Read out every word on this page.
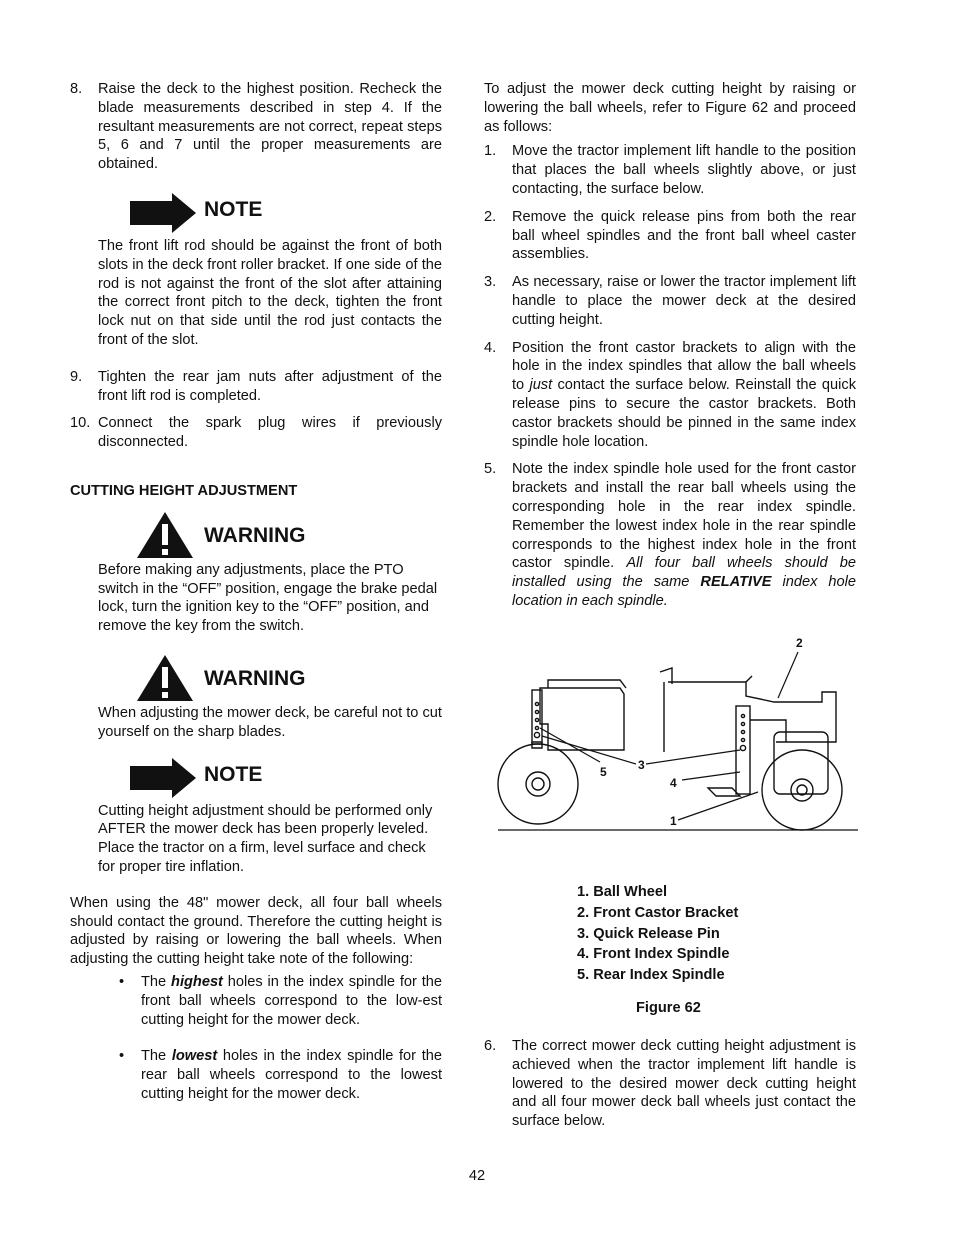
8. Raise the deck to the highest position. Recheck the blade measurements described in step 4. If the resultant measurements are not correct, repeat steps 5, 6 and 7 until the proper measurements are obtained.

NOTE

The front lift rod should be against the front of both slots in the deck front roller bracket. If one side of the rod is not against the front of the slot after attaining the correct front pitch to the deck, tighten the front lock nut on that side until the rod just contacts the front of the slot.

9. Tighten the rear jam nuts after adjustment of the front lift rod is completed.

10. Connect the spark plug wires if previously disconnected.

CUTTING HEIGHT ADJUSTMENT

WARNING

Before making any adjustments, place the PTO switch in the “OFF” position, engage the brake pedal lock, turn the ignition key to the “OFF” position, and remove the key from the switch.

WARNING

When adjusting the mower deck, be careful not to cut yourself on the sharp blades.

NOTE

Cutting height adjustment should be performed only AFTER the mower deck has been properly leveled. Place the tractor on a firm, level surface and check for proper tire inflation.

When using the 48" mower deck, all four ball wheels should contact the ground. Therefore the cutting height is adjusted by raising or lowering the ball wheels. When adjusting the cutting height take note of the following:

• The highest holes in the index spindle for the front ball wheels correspond to the low-est cutting height for the mower deck.

• The lowest holes in the index spindle for the rear ball wheels correspond to the lowest cutting height for the mower deck.

To adjust the mower deck cutting height by raising or lowering the ball wheels, refer to Figure 62 and proceed as follows:

1. Move the tractor implement lift handle to the position that places the ball wheels slightly above, or just contacting, the surface below.

2. Remove the quick release pins from both the rear ball wheel spindles and the front ball wheel caster assemblies.

3. As necessary, raise or lower the tractor implement lift handle to place the mower deck at the desired cutting height.

4. Position the front castor brackets to align with the hole in the index spindles that allow the ball wheels to just contact the surface below. Reinstall the quick release pins to secure the castor brackets. Both castor brackets should be pinned in the same index spindle hole location.

5. Note the index spindle hole used for the front castor brackets and install the rear ball wheels using the corresponding hole in the rear index spindle. Remember the lowest index hole in the rear spindle corresponds to the highest index hole in the front castor spindle. All four ball wheels should be installed using the same RELATIVE index hole location in each spindle.

2
3
4
5
1
1. Ball Wheel
2. Front Castor Bracket
3. Quick Release Pin
4. Front Index Spindle
5. Rear Index Spindle
Figure 62
6. The correct mower deck cutting height adjustment is achieved when the tractor implement lift handle is lowered to the desired mower deck cutting height and all four mower deck ball wheels just contact the surface below.

42
